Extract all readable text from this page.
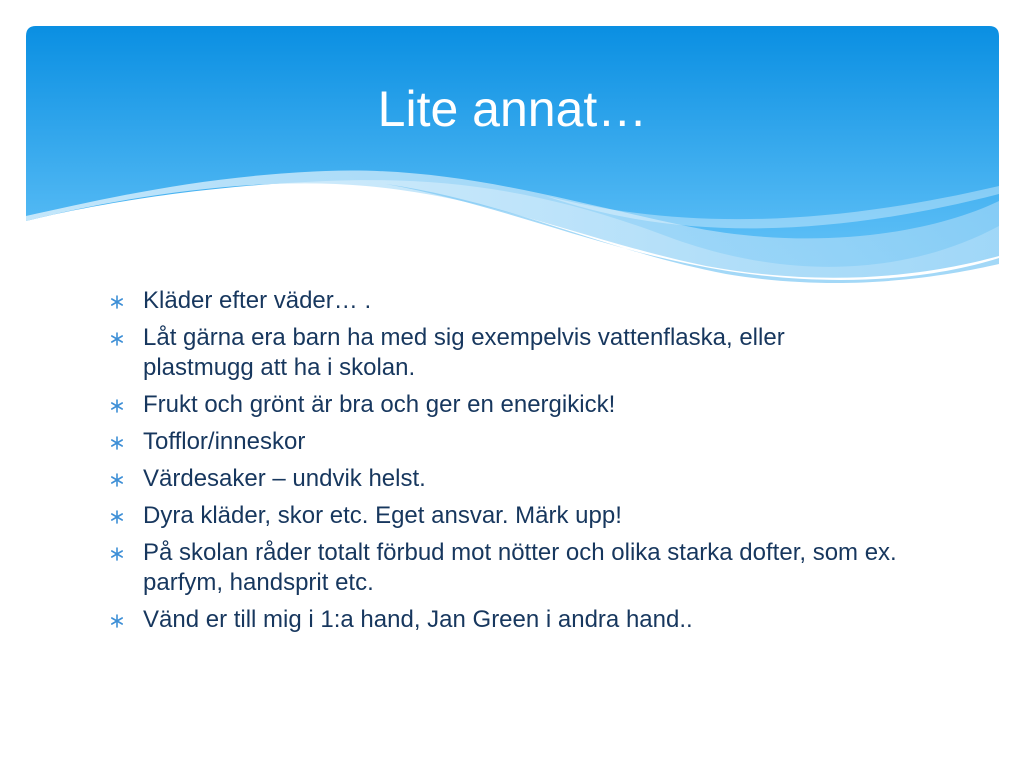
Lite annat…
Kläder efter väder… .
Låt gärna era barn ha med sig exempelvis vattenflaska, eller plastmugg att ha i skolan.
Frukt och grönt är bra och ger en energikick!
Tofflor/inneskor
Värdesaker – undvik helst.
Dyra kläder, skor etc. Eget ansvar. Märk upp!
På skolan råder totalt förbud mot nötter och olika starka dofter, som ex. parfym, handsprit etc.
Vänd er till mig i 1:a hand, Jan Green i andra hand..
